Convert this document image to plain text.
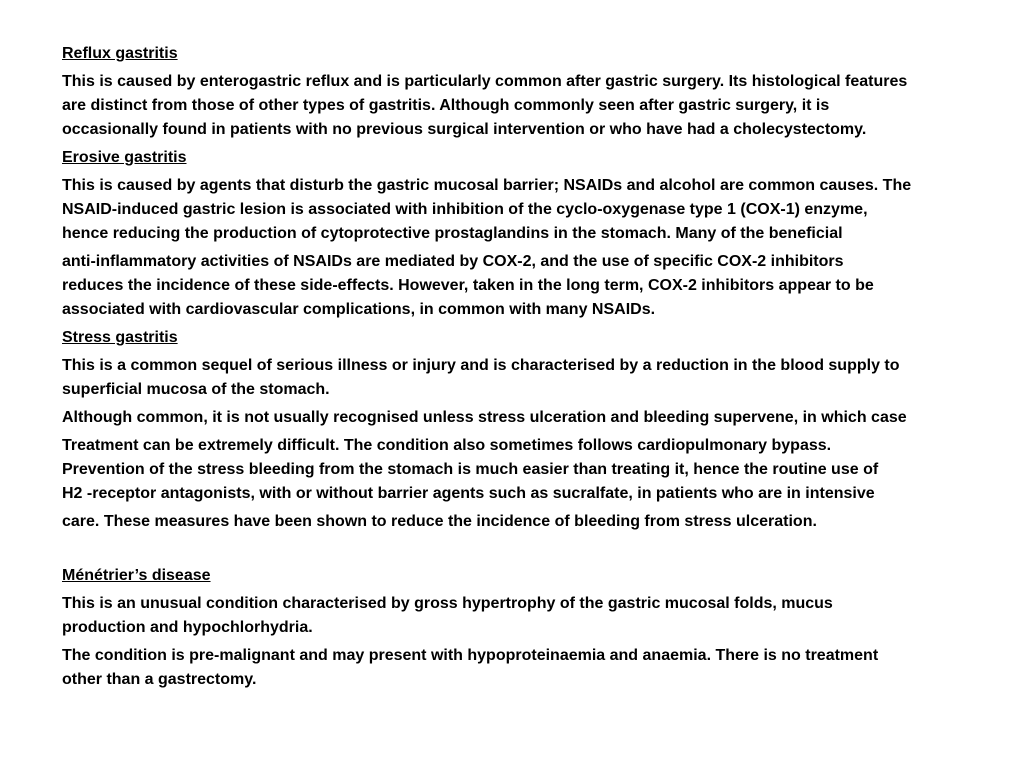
Reflux gastritis
This is caused by enterogastric reflux and is particularly common after gastric surgery. Its histological features
are distinct from those of other types of gastritis. Although commonly seen after gastric surgery, it is
occasionally found in patients with no previous surgical intervention or who have had a cholecystectomy.
Erosive gastritis
This is caused by agents that disturb the gastric mucosal barrier; NSAIDs and alcohol are common causes. The
NSAID-induced gastric lesion is associated with inhibition of the cyclo-oxygenase type 1 (COX-1) enzyme,
hence reducing the production of cytoprotective prostaglandins in the stomach. Many of the beneficial
anti-inflammatory activities of NSAIDs are mediated by COX-2, and the use of specific COX-2 inhibitors
reduces the incidence of these side-effects. However, taken in the long term, COX-2 inhibitors appear to be
associated with cardiovascular complications, in common with many NSAIDs.
Stress gastritis
This is a common sequel of serious illness or injury and is characterised by a reduction in the blood supply to
superficial mucosa of the stomach.
Although common, it is not usually recognised unless stress ulceration and bleeding supervene, in which case
Treatment can be extremely difficult. The condition also sometimes follows cardiopulmonary bypass.
Prevention of the stress bleeding from the stomach is much easier than treating it, hence the routine use of
H2 -receptor antagonists, with or without barrier agents such as sucralfate, in patients who are in intensive
care. These measures have been shown to reduce the incidence of bleeding from stress ulceration.
Ménétrier’s disease
This is an unusual condition characterised by gross hypertrophy of the gastric mucosal folds, mucus
production and hypochlorhydria.
The condition is pre-malignant and may present with hypoproteinaemia and anaemia. There is no treatment
other than a gastrectomy.
